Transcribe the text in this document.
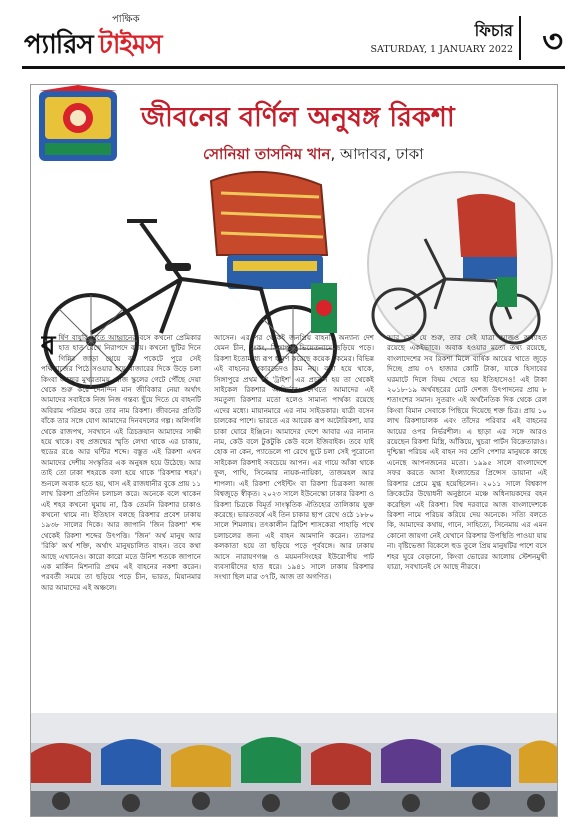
পাক্ষিক
প্যারিস টাইমস	ফিচার
SATURDAY, 1 JANUARY 2022 ৩
জীবনের বর্ণিল অনুষঙ্গ রিকশা
সোনিয়া তাসনিম খান, আদাবর, ঢাকা
বর্ষিণ বাযুরি হাতে আহ্বানের বসে কখনো প্রেমিকার হাত হাত রেখে নিরাপদে বসয়। কখনো ছুটির দিনে গিন্নির জাড়া খেয়ে বর্ন পকেটে পুরে সেই পক্ষিরাজের পিঠে সওয়ার হয়ে বাজারের দিকে উড়ে চলা কিংবা আত্মুর মুখরতাময় রোজ স্কুলের গেটে পৌঁছে দেয়া থেকে শুরু করে দৈনন্দিন মান জীবিকার নেয়া অর্থাৎ আমাদের সবাইকে নিজ নিজ গন্তব্য ছুঁয়ে দিতে যে বাহনটি অবিরাম পরিশ্রম করে তার নাম রিকশা। জীবনের প্রতিটি বাঁকে তার সঙ্গে যোগ আমাদের দিনবদলের গল্প। অলিগলি থেকে রাজপথ, সবখানে এই ত্রিচক্রযান আমাদের সাক্ষী হয়ে থাকে। বহু প্রজন্মের স্মৃতি লেখা থাকে এর চাকায়, হুডের রঙে আর ঘন্টির শব্দে। বস্তুত এই রিকশা এখন আমাদের দেশীয় সংস্কৃতির এক অনুষঙ্গ হয়ে উঠেছে। আর তাই তো ঢাকা শহরকে বলা হয়ে থাকে 'রিকশার শহর'। শুনলে অবাক হতে হয়, খাস এই রাজধানীর বুকে প্রায় ১১ লাখ রিকশা প্রতিদিন চলাচল করে। অনেকে বলে থাকেন এই শহর কখনো ঘুমায় না, ঠিক তেমনি রিকশার চাকাও কখনো থামে না। ইতিহাস বলছে রিকশার প্রবেশ ঢাকায় ১৯৩৮ সালের দিকে। আর জাপানি 'জিন রিকশা' শব্দ থেকেই রিকশা শব্দের উৎপত্তি। 'জিন' অর্থ মানুষ আর 'রিকি' অর্থ শক্তি, অর্থাৎ মানুষচালিত বাহন। তবে কথা আছে এখানেও। কারো কারো মতে উনিশ শতকে জাপানে এক মার্কিন মিশনারি প্রথম এই বাহনের নকশা করেন। পরবর্তী সময়ে তা ছড়িয়ে পড়ে চীন, ভারত, মিয়ানমার আর আমাদের এই অঞ্চলে।
আসেন। এর পর থেকেই জনপ্রিয় বাহনটি অন্যান্য দেশ যেমন চীন, হংকং, সিঙ্গাপুর, ভিয়েতনামে ছড়িয়ে পড়ে। রিকশা ইতোমধ্যে রূপ ধারণ করেছে কয়েক রকমের। বিভিন্ন এই বাহনের প্রকারভেদও কম নয়। বলা হয়ে থাকে, সিঙ্গাপুরে প্রথম যে 'ট্রাইশ' এর প্রচলন হয় তা থেকেই সাইকেল রিকশার আবির্ভাব। দেখতে আমাদের এই সমতুল্য রিকশার মতো হলেও সামান্য পার্থক্য রয়েছে এদের মধ্যে। মায়ানমারে এর নাম সাইডকার। যাত্রী বসেন চালকের পাশে। ভারতে এর আরেক রূপ অটোরিকশা, যার চাকা ঘোরে ইঞ্জিনে। আমাদের দেশে আবার এর নানান নাম, কেউ বলে টুকটুকি কেউ বলে ইজিবাইক। তবে যাই হোক না কেন, প্যাডেলে পা রেখে ছুটে চলা সেই পুরোনো সাইকেল রিকশাই সবচেয়ে আপন। এর গায়ে আঁকা থাকে ফুল, পাখি, সিনেমার নায়ক-নায়িকা, তাজমহল আর শাপলা। এই রিকশা পেইন্টিং বা রিকশা চিত্রকলা আজ বিশ্বজুড়ে স্বীকৃত। ২০২৩ সালে ইউনেস্কো ঢাকার রিকশা ও রিকশা চিত্রকে বিমূর্ত সাংস্কৃতিক ঐতিহ্যের তালিকায় যুক্ত করেছে। ভারতবর্ষে এই তিন চাকার ছাপ রেখে ওঠে ১৮৮০ সালে শিমলায়। তৎকালীন ব্রিটিশ শাসকেরা পাহাড়ি পথে চলাচলের জন্য এই বাহন আমদানি করেন। তারপর কলকাতা হয়ে তা ছড়িয়ে পড়ে পূর্ববঙ্গে। আর ঢাকায় আসে নারায়ণগঞ্জ ও ময়মনসিংহের ইউরোপীয় পাট ব্যবসায়ীদের হাত ধরে। ১৯৪১ সালে ঢাকায় রিকশার সংখ্যা ছিল মাত্র ৩৭টি, আজ তা অগণিত।
আর সেই যে শুরু, তার সেই যাত্রা আজও অব্যাহত রয়েছে একইভাবে। অবাক হওয়ার মতো তথ্য রয়েছে, বাংলাদেশের সব রিকশা মিলে বার্ষিক আয়ের খাতে জুড়ে দিচ্ছে প্রায় ৩৭ হাজার কোটি টাকা, যাকে হিসাবের ঘরমাটে দিলে বিষম খেতে হয় ইতিহাসেও! এই টাকা ২০১৮-১৯ অর্থবছরের মোট দেশজ উৎপাদনের প্রায় ৮ শতাংশের সমান। সুতরাং এই অর্থনৈতিক দিক থেকে রেল কিংবা বিমান সেবাকে পিছিয়ে দিয়েছে শক্ত চিত্র। প্রায় ১০ লাখ রিকশাচালক এবং তাঁদের পরিবার এই বাহনের আয়ের ওপর নির্ভরশীল। এ ছাড়া এর সঙ্গে আরও রয়েছেন রিকশা মিস্ত্রি, আঁকিয়ে, খুচরা পার্টস বিক্রেতারাও। দুশ্চিন্তা পরিচয় এই বাহন সব শ্রেণি পেশার মানুষকে কাছে এনেছে আপনজনের মতো। ১৯৯৫ সালে বাংলাদেশে সফর করতে আসা ইংল্যান্ডের প্রিন্সেস ডায়ানা এই রিকশার প্রেমে মুগ্ধ হয়েছিলেন। ২০১১ সালে বিশ্বকাপ ক্রিকেটের উদ্বোধনী অনুষ্ঠানে মঞ্চে অধিনায়কদের বহন করেছিল এই রিকশা। বিশ্ব দরবারে আজ বাংলাদেশকে রিকশা নামে পরিচয় করিয়ে দেয় অনেকে। সত্যি বলতে কি, আমাদের কথায়, গানে, সাহিত্যে, সিনেমায় এর এমন কোনো জায়গা নেই যেখানে রিকশার উপস্থিতি পাওয়া যায় না। বৃষ্টিভেজা বিকেলে হুড তুলে প্রিয় মানুষটির পাশে বসে শহর ঘুরে বেড়ানো, কিংবা ভোরের আলোয় স্টেশনমুখী যাত্রা, সবখানেই সে আছে নীরবে।
